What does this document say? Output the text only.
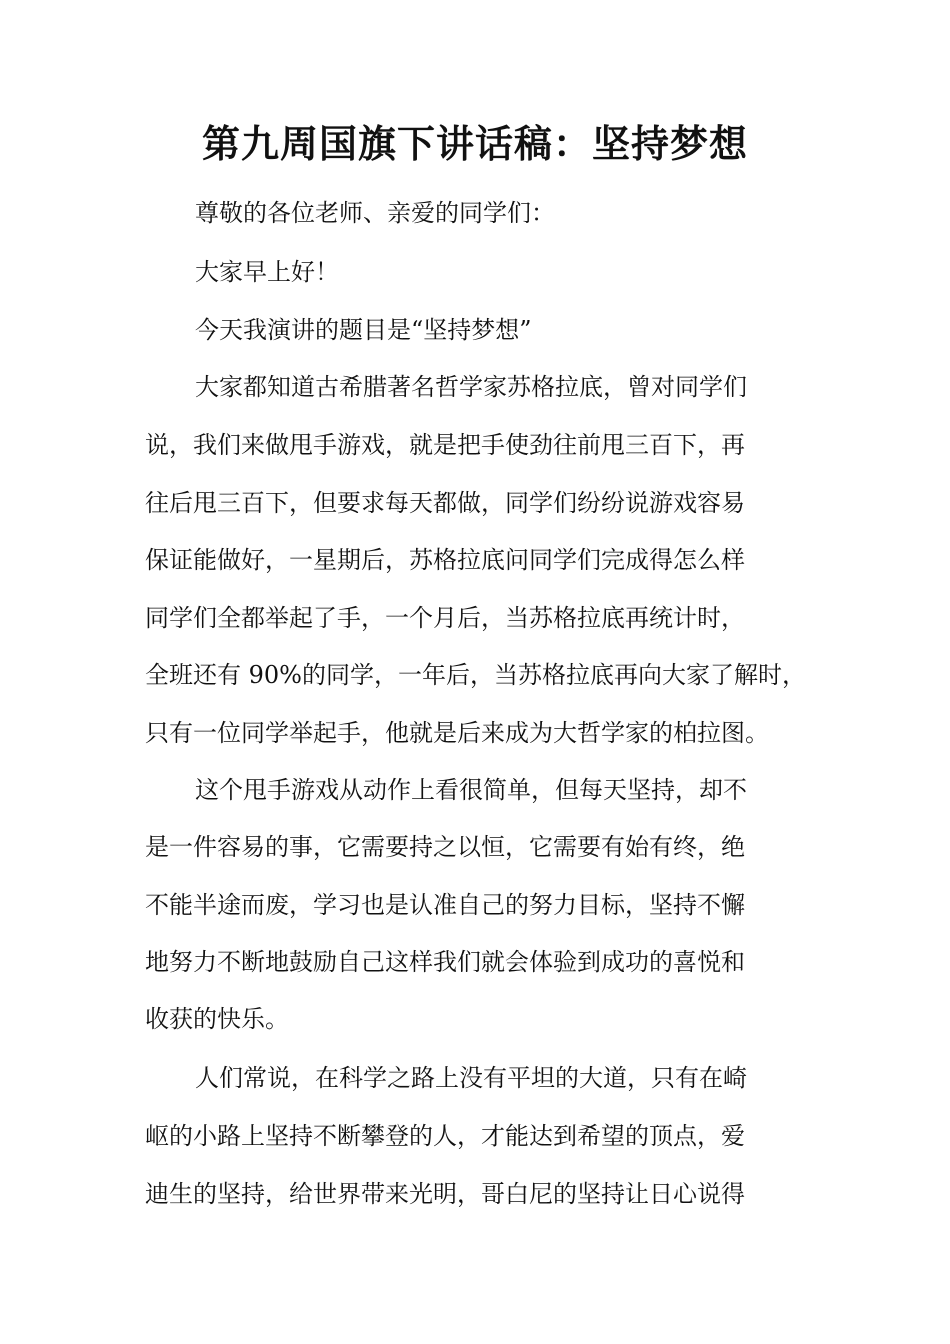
第九周国旗下讲话稿：坚持梦想

尊敬的各位老师、亲爱的同学们：

大家早上好！

今天我演讲的题目是“坚持梦想”

大家都知道古希腊著名哲学家苏格拉底，曾对同学们

说，我们来做甩手游戏，就是把手使劲往前甩三百下，再

往后甩三百下，但要求每天都做，同学们纷纷说游戏容易

保证能做好，一星期后，苏格拉底问同学们完成得怎么样

同学们全都举起了手，一个月后，当苏格拉底再统计时，

全班还有 90%的同学，一年后，当苏格拉底再向大家了解时，

只有一位同学举起手，他就是后来成为大哲学家的柏拉图。

这个甩手游戏从动作上看很简单，但每天坚持，却不

是一件容易的事，它需要持之以恒，它需要有始有终，绝

不能半途而废，学习也是认准自己的努力目标，坚持不懈

地努力不断地鼓励自己这样我们就会体验到成功的喜悦和

收获的快乐。

人们常说，在科学之路上没有平坦的大道，只有在崎

岖的小路上坚持不断攀登的人，才能达到希望的顶点，爱

迪生的坚持，给世界带来光明，哥白尼的坚持让日心说得
